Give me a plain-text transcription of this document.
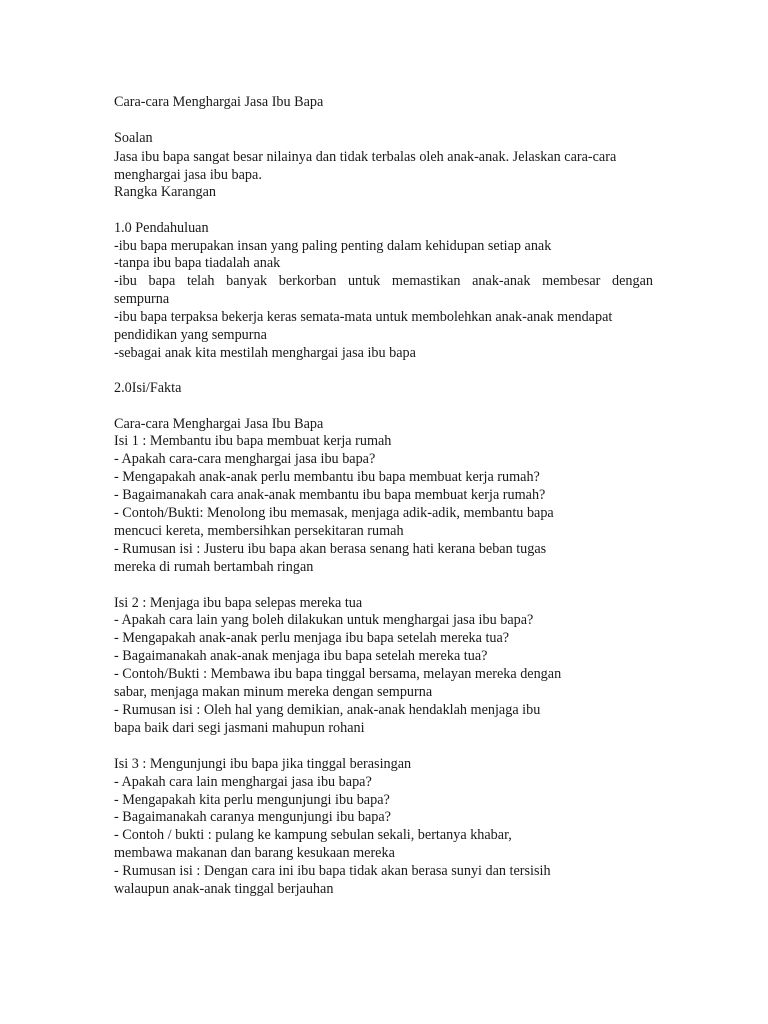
Cara-cara Menghargai Jasa Ibu Bapa
Soalan
Jasa ibu bapa sangat besar nilainya dan tidak terbalas oleh anak-anak. Jelaskan cara-cara
menghargai jasa ibu bapa.
Rangka Karangan
1.0 Pendahuluan
-ibu bapa merupakan insan yang paling penting dalam kehidupan setiap anak
-tanpa ibu bapa tiadalah anak
-ibu bapa telah banyak berkorban untuk memastikan anak-anak membesar dengan
sempurna
-ibu bapa terpaksa bekerja keras semata-mata untuk membolehkan anak-anak mendapat
pendidikan yang sempurna
-sebagai anak kita mestilah menghargai jasa ibu bapa
2.0Isi/Fakta
Cara-cara Menghargai Jasa Ibu Bapa
Isi 1 : Membantu ibu bapa membuat kerja rumah
- Apakah cara-cara menghargai jasa ibu bapa?
- Mengapakah anak-anak perlu membantu ibu bapa membuat kerja rumah?
- Bagaimanakah cara anak-anak membantu ibu bapa membuat kerja rumah?
- Contoh/Bukti: Menolong ibu memasak, menjaga adik-adik, membantu bapa
mencuci kereta, membersihkan persekitaran rumah
- Rumusan isi : Justeru ibu bapa akan berasa senang hati kerana beban tugas
mereka di rumah bertambah ringan
Isi 2 : Menjaga ibu bapa selepas mereka tua
- Apakah cara lain yang boleh dilakukan untuk menghargai jasa ibu bapa?
- Mengapakah anak-anak perlu menjaga ibu bapa setelah mereka tua?
- Bagaimanakah anak-anak menjaga ibu bapa setelah mereka tua?
- Contoh/Bukti : Membawa ibu bapa tinggal bersama, melayan mereka dengan
sabar, menjaga makan minum mereka dengan sempurna
- Rumusan isi : Oleh hal yang demikian, anak-anak hendaklah menjaga ibu
bapa baik dari segi jasmani mahupun rohani
Isi 3 : Mengunjungi ibu bapa jika tinggal berasingan
- Apakah cara lain menghargai jasa ibu bapa?
- Mengapakah kita perlu mengunjungi ibu bapa?
- Bagaimanakah caranya mengunjungi ibu bapa?
- Contoh / bukti : pulang ke kampung sebulan sekali, bertanya khabar,
membawa makanan dan barang kesukaan mereka
- Rumusan isi : Dengan cara ini ibu bapa tidak akan berasa sunyi dan tersisih
walaupun anak-anak tinggal berjauhan
